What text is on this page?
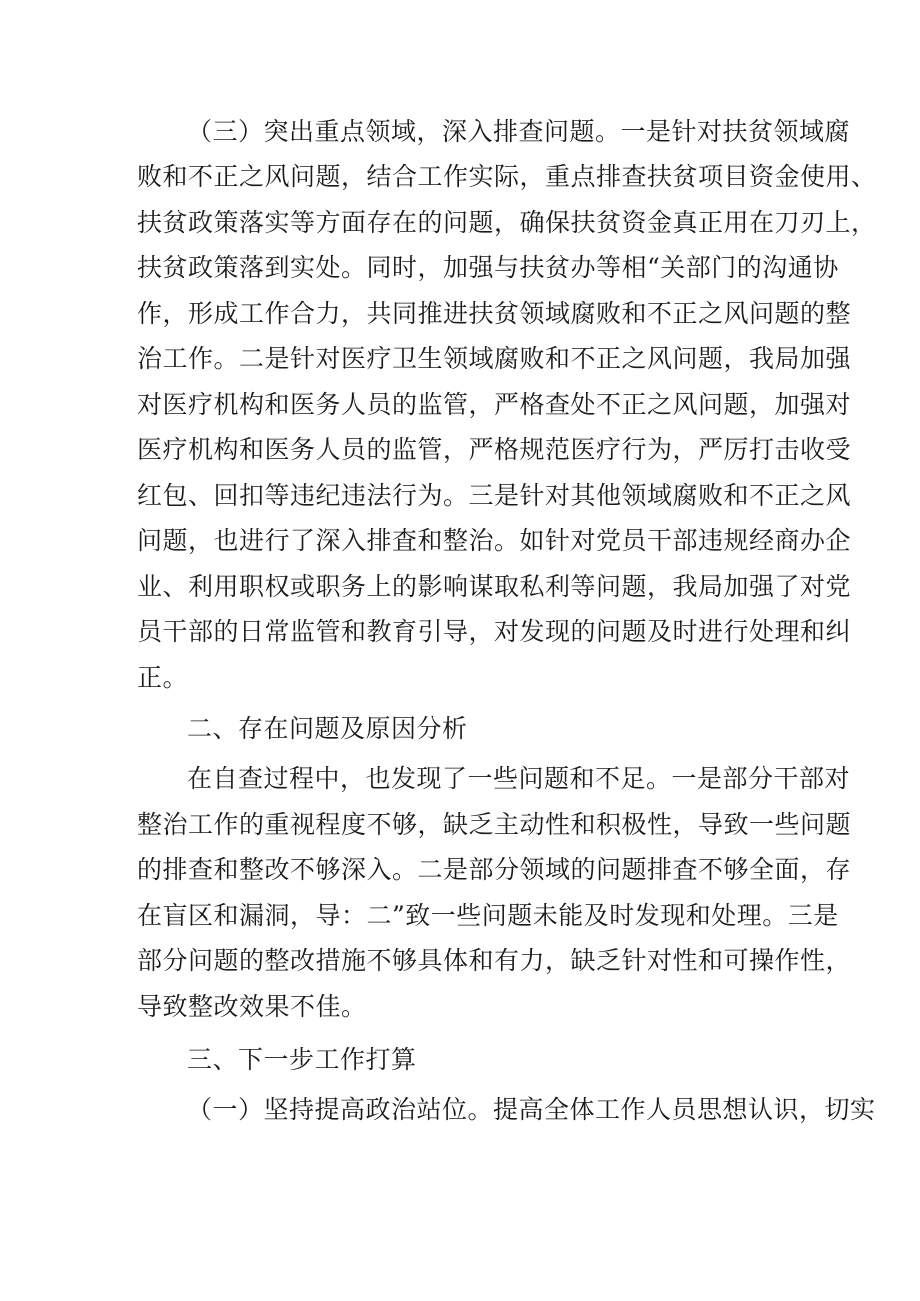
（三）突出重点领域，深入排查问题。一是针对扶贫领域腐
败和不正之风问题，结合工作实际，重点排查扶贫项目资金使用、
扶贫政策落实等方面存在的问题，确保扶贫资金真正用在刀刃上，
扶贫政策落到实处。同时，加强与扶贫办等相“关部门的沟通协
作，形成工作合力，共同推进扶贫领域腐败和不正之风问题的整
治工作。二是针对医疗卫生领域腐败和不正之风问题，我局加强
对医疗机构和医务人员的监管，严格查处不正之风问题，加强对
医疗机构和医务人员的监管，严格规范医疗行为，严厉打击收受
红包、回扣等违纪违法行为。三是针对其他领域腐败和不正之风
问题，也进行了深入排査和整治。如针对党员干部违规经商办企
业、利用职权或职务上的影响谋取私利等问题，我局加强了对党
员干部的日常监管和教育引导，对发现的问题及时进行处理和纠
正。
二、存在问题及原因分析
在自查过程中，也发现了一些问题和不足。一是部分干部对
整治工作的重视程度不够，缺乏主动性和积极性，导致一些问题
的排查和整改不够深入。二是部分领域的问题排査不够全面，存
在盲区和漏洞，导：二”致一些问题未能及时发现和处理。三是
部分问题的整改措施不够具体和有力，缺乏针对性和可操作性，
导致整改效果不佳。
三、下一步工作打算
（一）坚持提高政治站位。提高全体工作人员思想认识，切实
